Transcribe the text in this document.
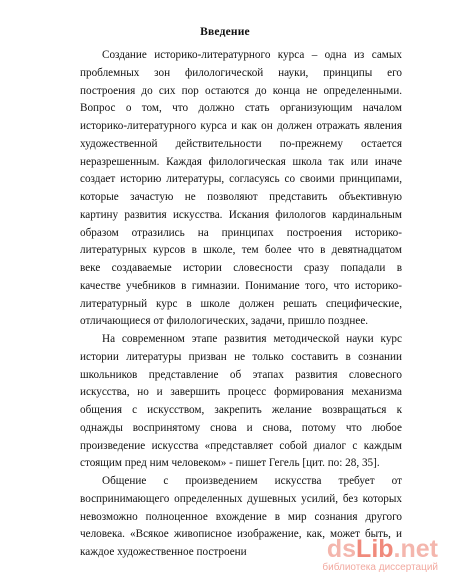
Введение
Создание историко-литературного курса – одна из самых
проблемных зон филологической науки, принципы его
построения до сих пор остаются до конца не определенными.
Вопрос о том, что должно стать организующим началом
историко-литературного курса и как он должен отражать явления
художественной действительности по-прежнему остается
неразрешенным. Каждая филологическая школа так или иначе
создает историю литературы, согласуясь со своими принципами,
которые зачастую не позволяют представить объективную
картину развития искусства. Искания филологов кардинальным
образом отразились на принципах построения историко-
литературных курсов в школе, тем более что в девятнадцатом
веке создаваемые истории словесности сразу попадали в
качестве учебников в гимназии. Понимание того, что историко-
литературный курс в школе должен решать специфические,
отличающиеся от филологических, задачи, пришло позднее.
На современном этапе развития методической науки курс
истории литературы призван не только составить в сознании
школьников представление об этапах развития словесного
искусства, но и завершить процесс формирования механизма
общения с искусством, закрепить желание возвращаться к
однажды воспринятому снова и снова, потому что любое
произведение искусства «представляет собой диалог с каждым
стоящим пред ним человеком» - пишет Гегель [цит. по: 28, 35].
Общение с произведением искусства требует от
воспринимающего определенных душевных усилий, без которых
невозможно полноценное вхождение в мир сознания другого
человека. «Всякое живописное изображение, как, может быть, и
каждое художественное построени	dsLib.net
библиотека диссертаций
